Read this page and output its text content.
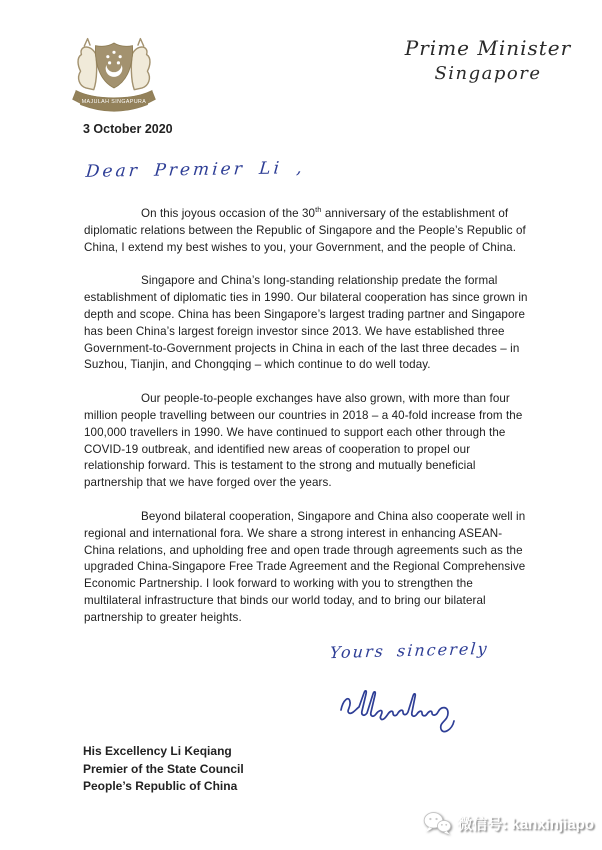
MAJULAH SINGAPURA
Prime Minister
Singapore
3 October 2020
Dear Premier Li ,

On this joyous occasion of the 30th anniversary of the establishment of diplomatic relations between the Republic of Singapore and the People’s Republic of China, I extend my best wishes to you, your Government, and the people of China.

Singapore and China’s long-standing relationship predate the formal establishment of diplomatic ties in 1990. Our bilateral cooperation has since grown in depth and scope. China has been Singapore’s largest trading partner and Singapore has been China’s largest foreign investor since 2013. We have established three Government-to-Government projects in China in each of the last three decades – in Suzhou, Tianjin, and Chongqing – which continue to do well today.

Our people-to-people exchanges have also grown, with more than four million people travelling between our countries in 2018 – a 40-fold increase from the 100,000 travellers in 1990. We have continued to support each other through the COVID-19 outbreak, and identified new areas of cooperation to propel our relationship forward. This is testament to the strong and mutually beneficial partnership that we have forged over the years.

Beyond bilateral cooperation, Singapore and China also cooperate well in regional and international fora. We share a strong interest in enhancing ASEAN-China relations, and upholding free and open trade through agreements such as the upgraded China-Singapore Free Trade Agreement and the Regional Comprehensive Economic Partnership. I look forward to working with you to strengthen the multilateral infrastructure that binds our world today, and to bring our bilateral partnership to greater heights.

Yours sincerely
His Excellency Li Keqiang
Premier of the State Council
People’s Republic of China
微信号: kanxinjiapo
